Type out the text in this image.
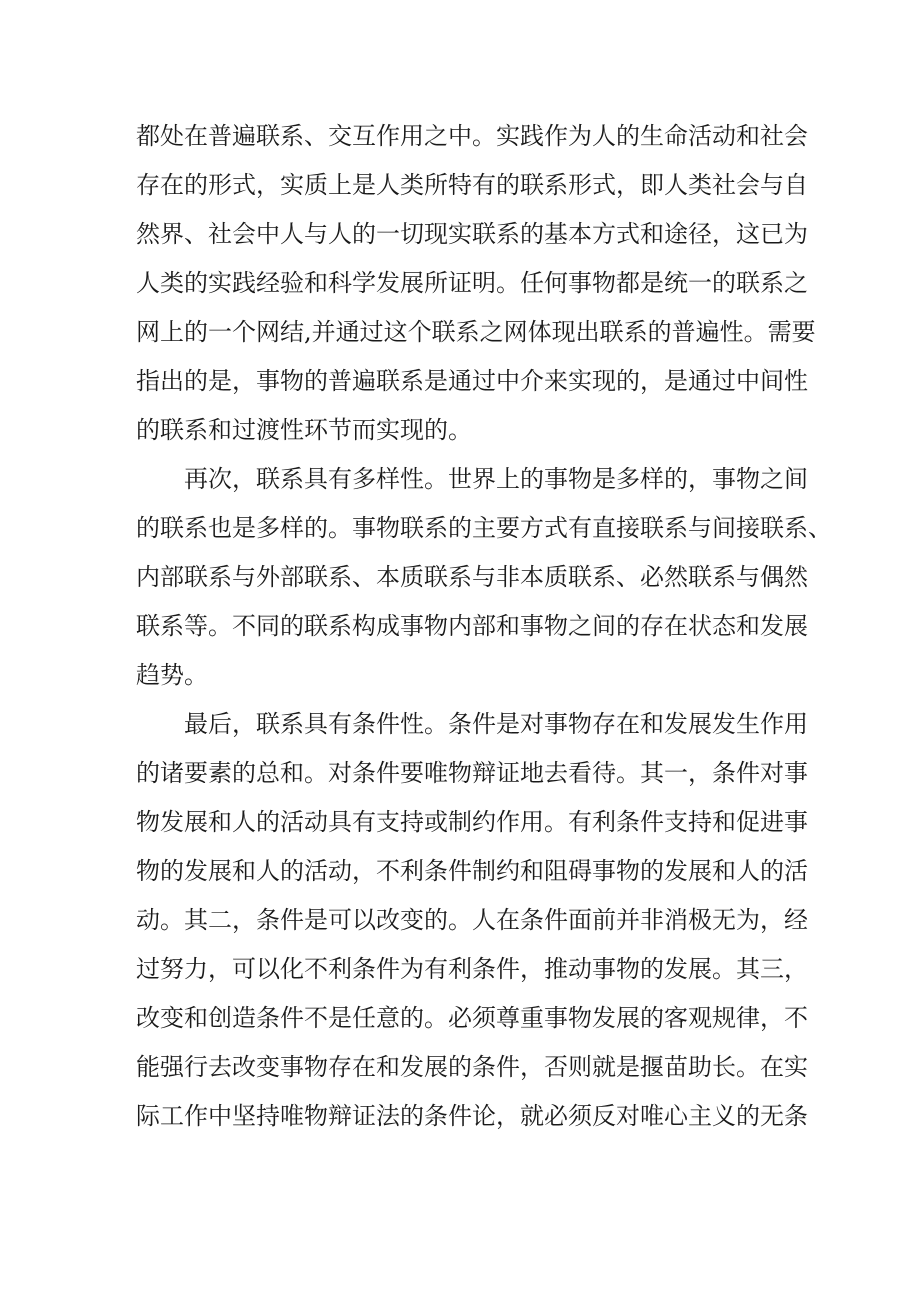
都处在普遍联系、交互作用之中。实践作为人的生命活动和社会
存在的形式，实质上是人类所特有的联系形式，即人类社会与自
然界、社会中人与人的一切现实联系的基本方式和途径，这已为
人类的实践经验和科学发展所证明。任何事物都是统一的联系之
网上的一个网结,并通过这个联系之网体现出联系的普遍性。需要
指出的是，事物的普遍联系是通过中介来实现的，是通过中间性
的联系和过渡性环节而实现的。
再次，联系具有多样性。世界上的事物是多样的，事物之间
的联系也是多样的。事物联系的主要方式有直接联系与间接联系、
内部联系与外部联系、本质联系与非本质联系、必然联系与偶然
联系等。不同的联系构成事物内部和事物之间的存在状态和发展
趋势。
最后，联系具有条件性。条件是对事物存在和发展发生作用
的诸要素的总和。对条件要唯物辩证地去看待。其一，条件对事
物发展和人的活动具有支持或制约作用。有利条件支持和促进事
物的发展和人的活动，不利条件制约和阻碍事物的发展和人的活
动。其二，条件是可以改变的。人在条件面前并非消极无为，经
过努力，可以化不利条件为有利条件，推动事物的发展。其三，
改变和创造条件不是任意的。必须尊重事物发展的客观规律，不
能强行去改变事物存在和发展的条件，否则就是揠苗助长。在实
际工作中坚持唯物辩证法的条件论，就必须反对唯心主义的无条
